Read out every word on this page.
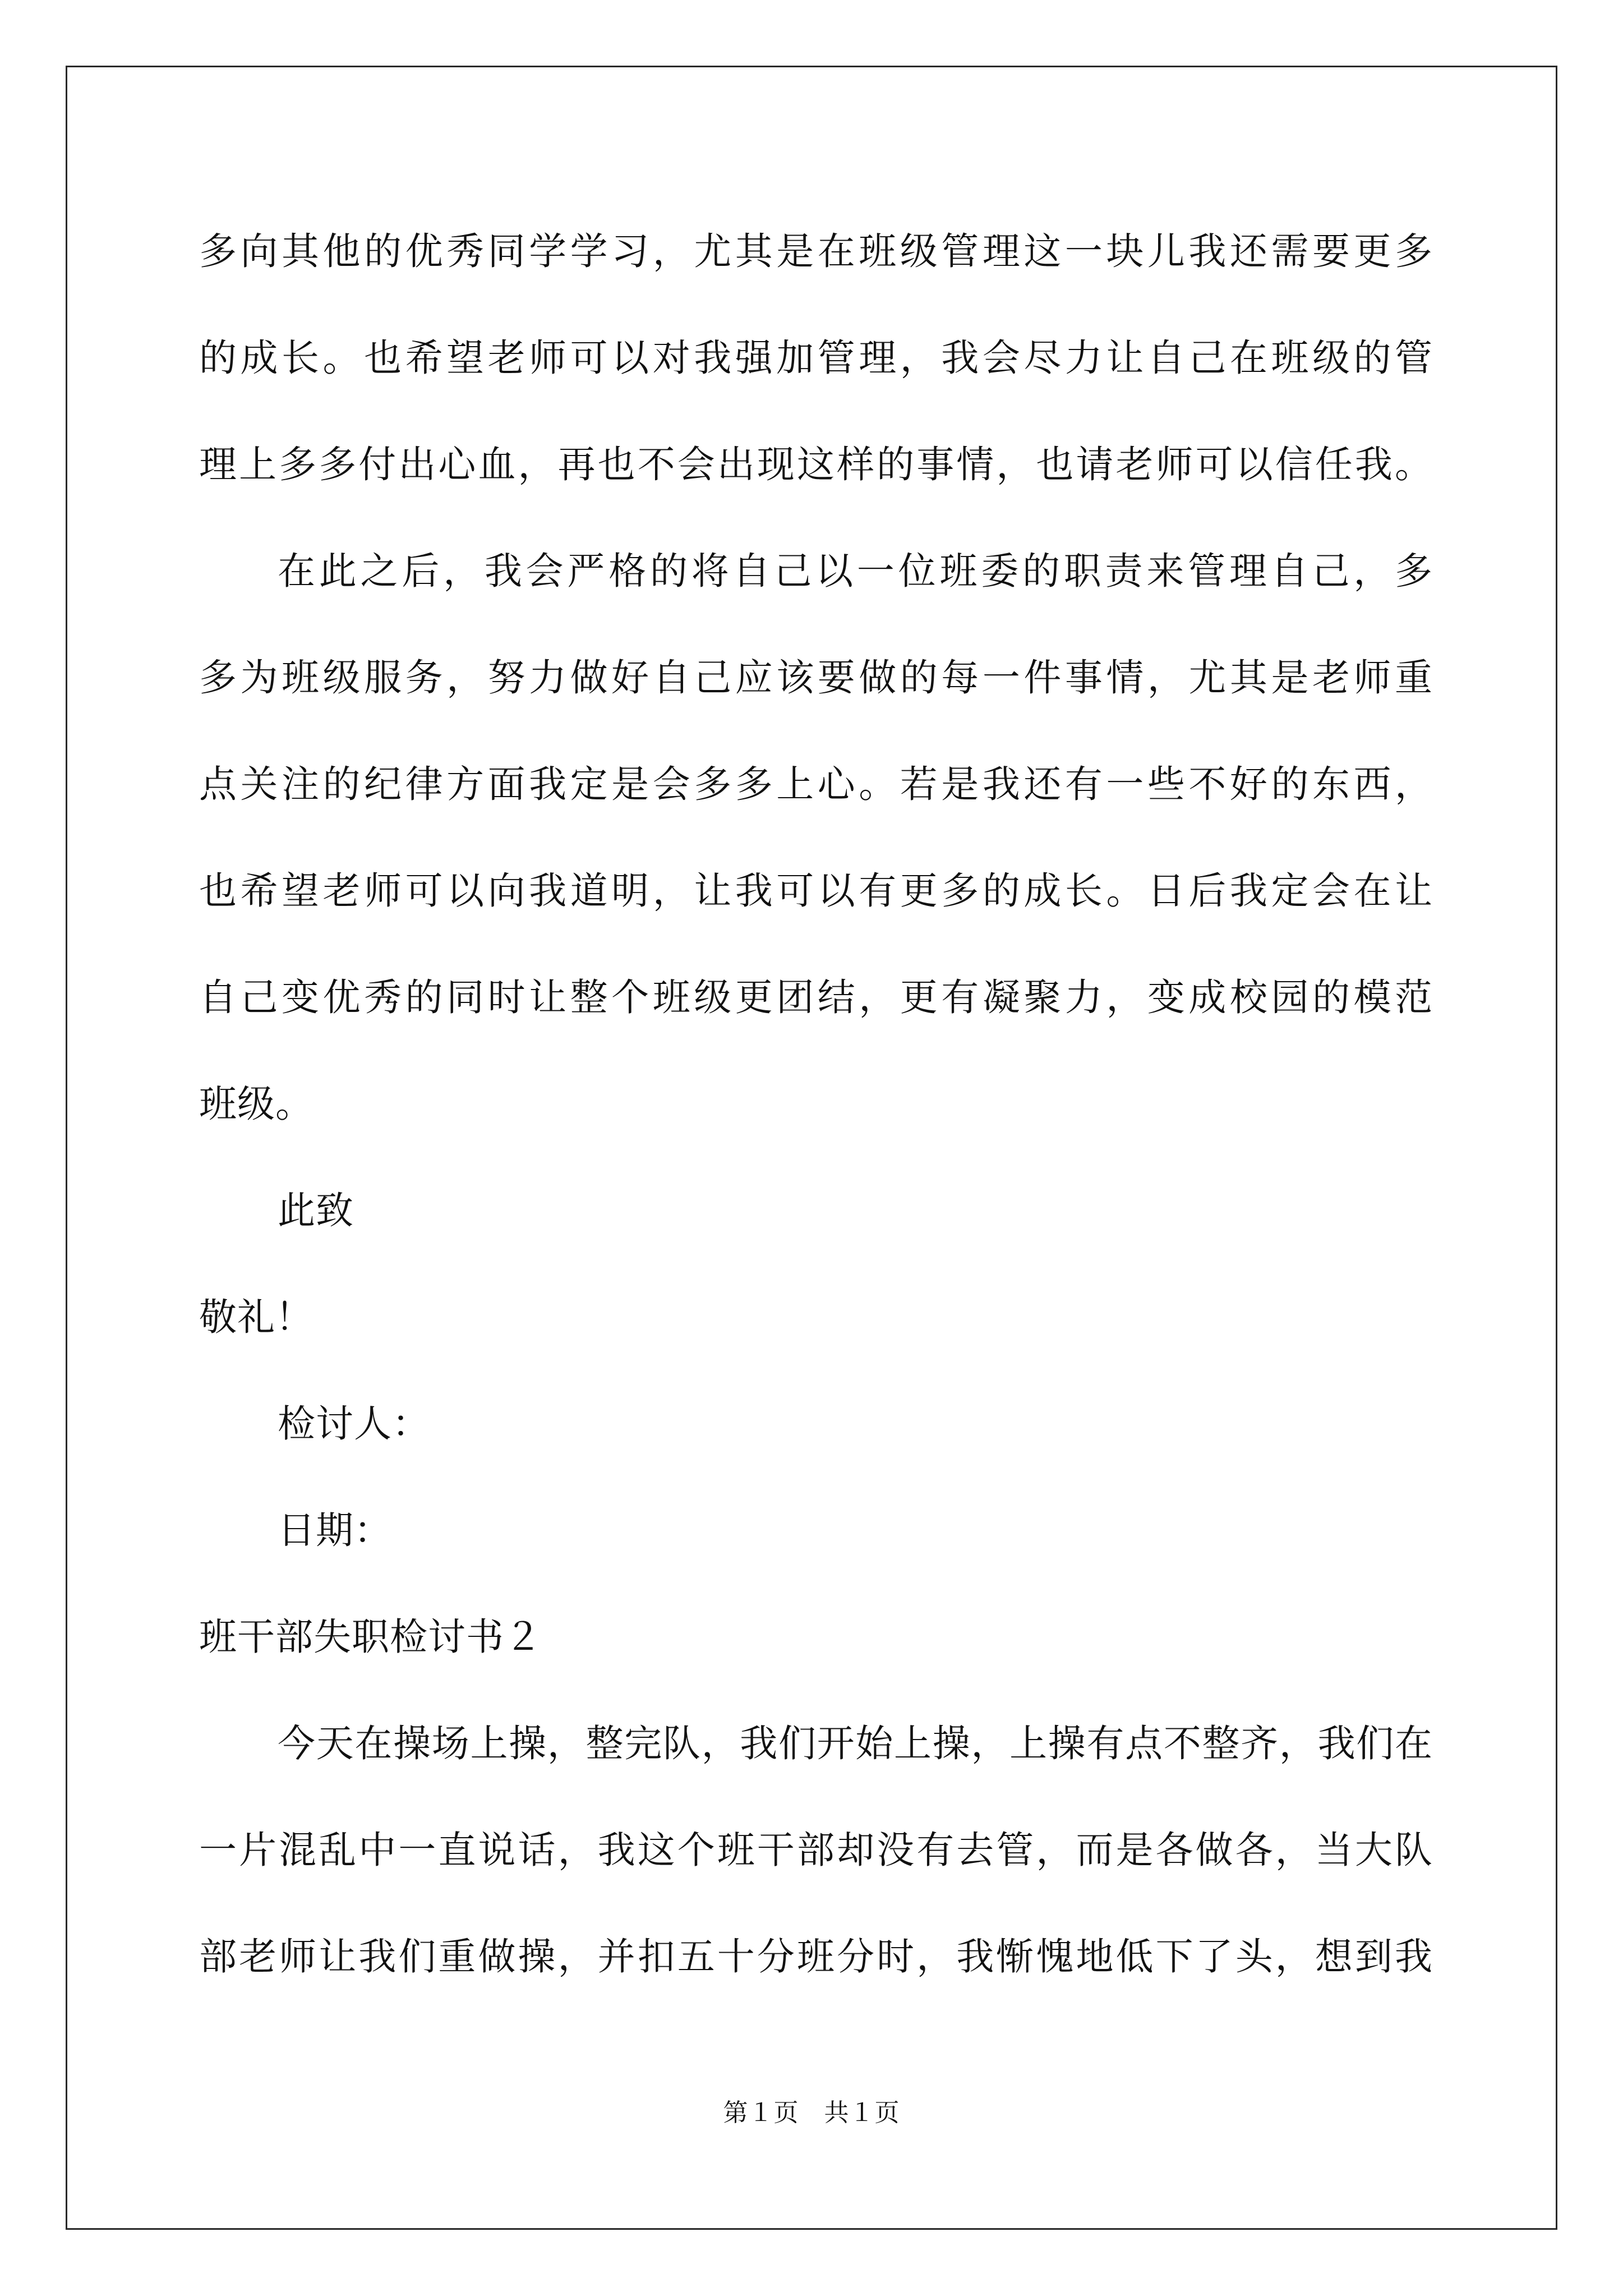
多向其他的优秀同学学习，尤其是在班级管理这一块儿我还需要更多
的成长。也希望老师可以对我强加管理，我会尽力让自己在班级的管
理上多多付出心血，再也不会出现这样的事情，也请老师可以信任我。
在此之后，我会严格的将自己以一位班委的职责来管理自己，多
多为班级服务，努力做好自己应该要做的每一件事情，尤其是老师重
点关注的纪律方面我定是会多多上心。若是我还有一些不好的东西，
也希望老师可以向我道明，让我可以有更多的成长。日后我定会在让
自己变优秀的同时让整个班级更团结，更有凝聚力，变成校园的模范
班级。
此致
敬礼！
检讨人：
日期：
班干部失职检讨书２
今天在操场上操，整完队，我们开始上操，上操有点不整齐，我们在
一片混乱中一直说话，我这个班干部却没有去管，而是各做各，当大队
部老师让我们重做操，并扣五十分班分时，我惭愧地低下了头，想到我
第１页　共１页
